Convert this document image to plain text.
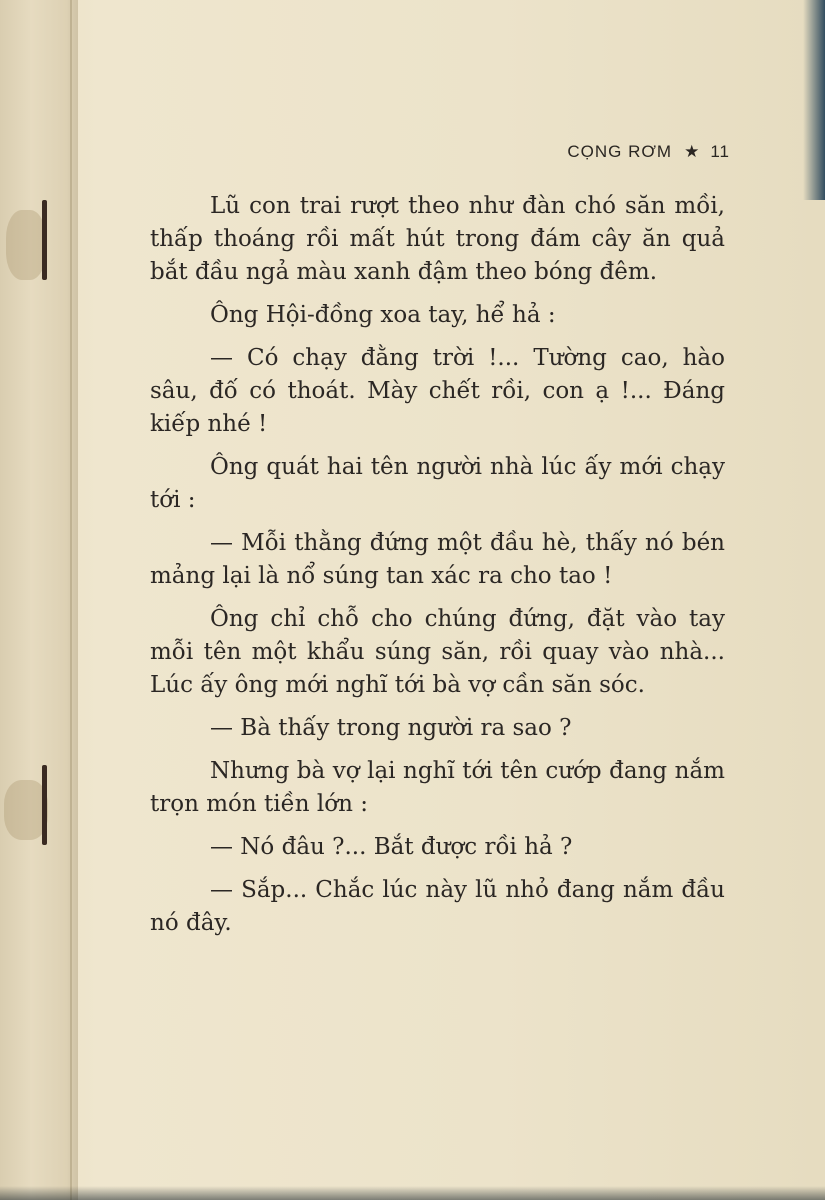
CỌNG RƠM ★ 11

Lũ con trai rượt theo như đàn chó săn mồi, thấp thoáng rồi mất hút trong đám cây ăn quả bắt đầu ngả màu xanh đậm theo bóng đêm.

Ông Hội-đồng xoa tay, hể hả :

— Có chạy đằng trời !... Tường cao, hào sâu, đố có thoát. Mày chết rồi, con ạ !... Đáng kiếp nhé !

Ông quát hai tên người nhà lúc ấy mới chạy tới :

— Mỗi thằng đứng một đầu hè, thấy nó bén mảng lại là nổ súng tan xác ra cho tao !

Ông chỉ chỗ cho chúng đứng, đặt vào tay mỗi tên một khẩu súng săn, rồi quay vào nhà... Lúc ấy ông mới nghĩ tới bà vợ cần săn sóc.

— Bà thấy trong người ra sao ?

Nhưng bà vợ lại nghĩ tới tên cướp đang nắm trọn món tiền lớn :

— Nó đâu ?... Bắt được rồi hả ?

— Sắp... Chắc lúc này lũ nhỏ đang nắm đầu nó đây.
